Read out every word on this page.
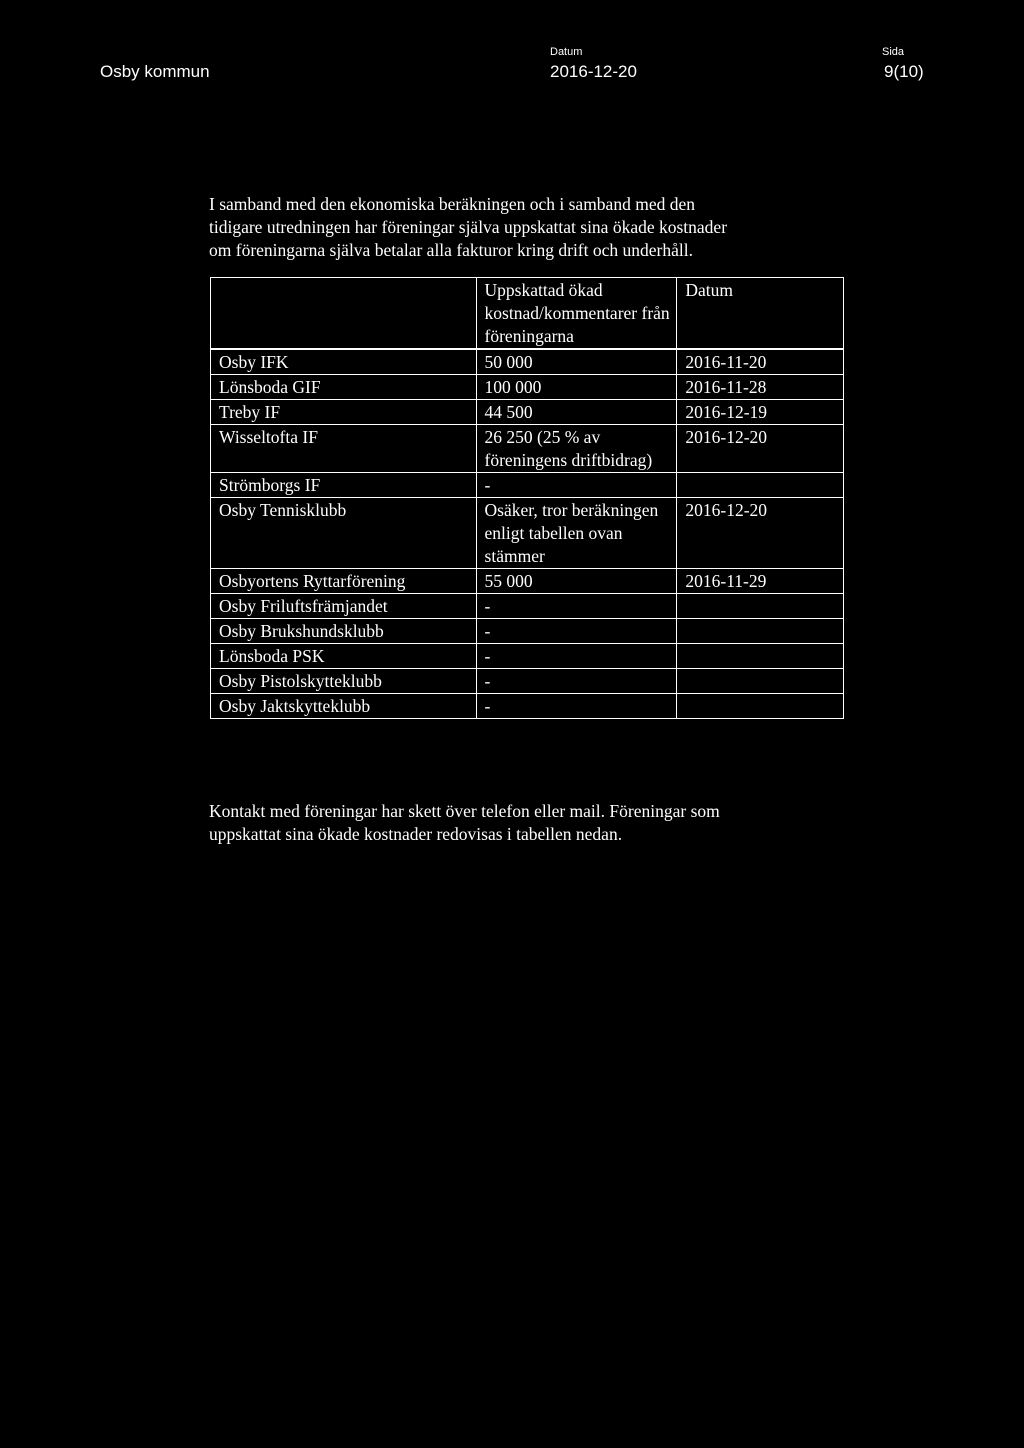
Osby kommun
Datum
2016-12-20
Sida
9(10)
I samband med den ekonomiska beräkningen och i samband med den
tidigare utredningen har föreningar själva uppskattat sina ökade kostnader
om föreningarna själva betalar alla fakturor kring drift och underhåll.
	Uppskattad ökad kostnad/kommentarer från föreningarna	Datum
Osby IFK	50 000	2016-11-20
Lönsboda GIF	100 000	2016-11-28
Treby IF	44 500	2016-12-19
Wisseltofta IF	26 250 (25 % av föreningens driftbidrag)	2016-12-20
Strömborgs IF	-	
Osby Tennisklubb	Osäker, tror beräkningen enligt tabellen ovan stämmer	2016-12-20
Osbyortens Ryttarförening	55 000	2016-11-29
Osby Friluftsfrämjandet	-	
Osby Brukshundsklubb	-	
Lönsboda PSK	-	
Osby Pistolskytteklubb	-	
Osby Jaktskytteklubb	-	
Kontakt med föreningar har skett över telefon eller mail. Föreningar som
uppskattat sina ökade kostnader redovisas i tabellen nedan.
